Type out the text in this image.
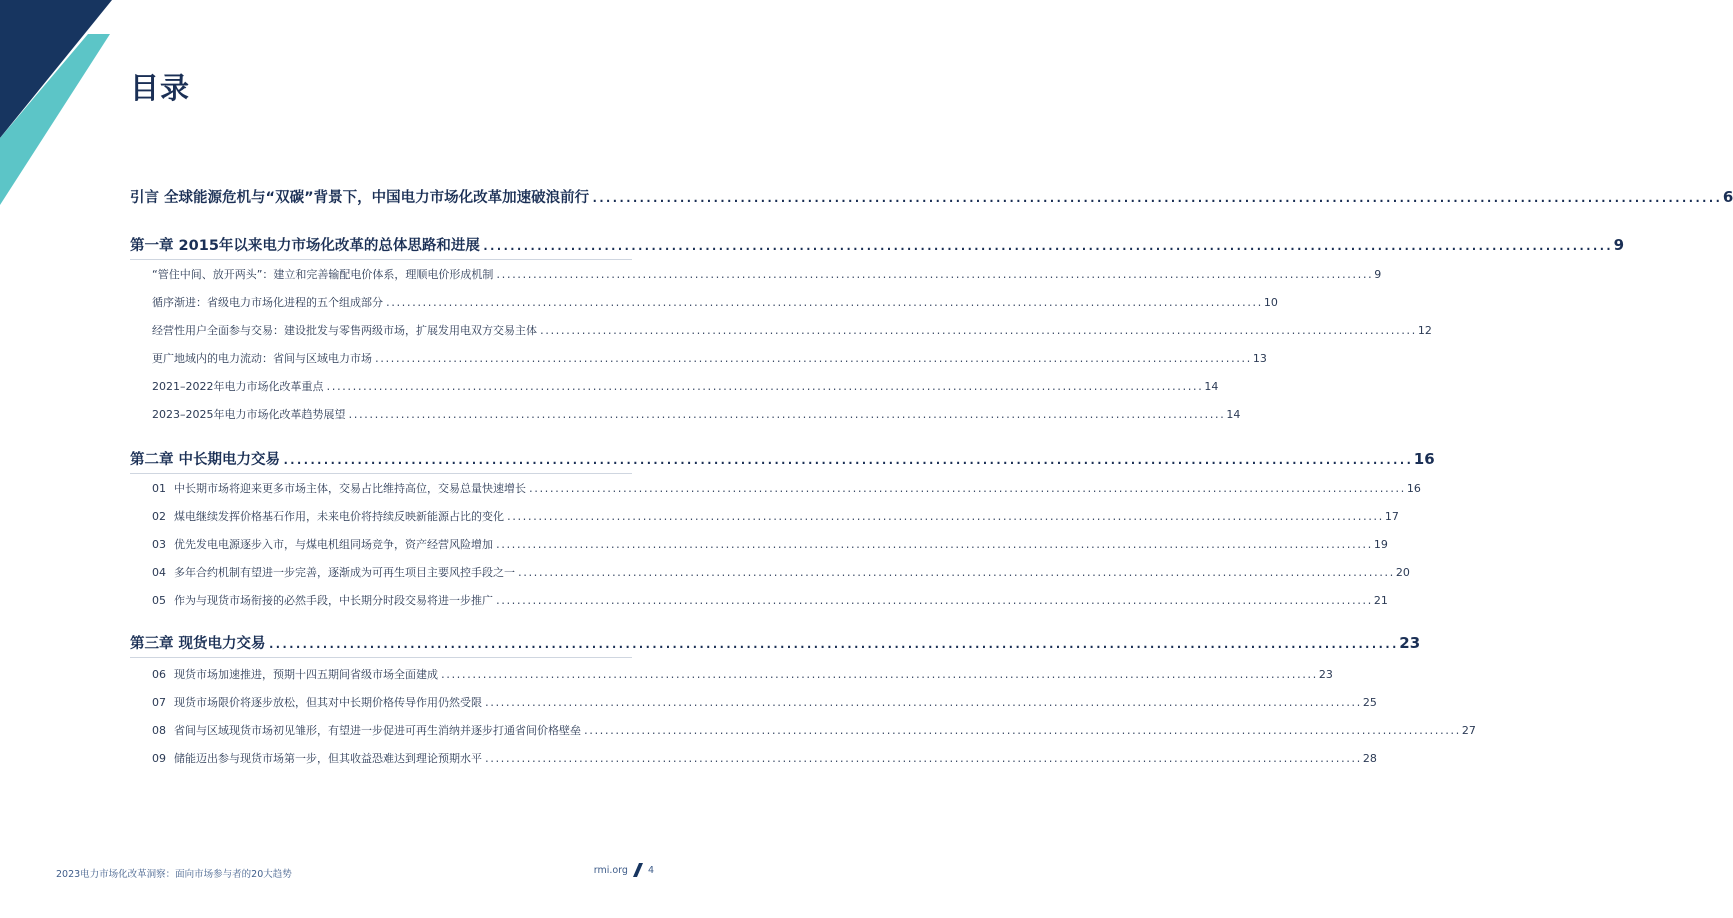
目录
引言 全球能源危机与“双碳”背景下，中国电力市场化改革加速破浪前行 .....	6
第一章 2015年以来电力市场化改革的总体思路和进展 .....	9
“管住中间、放开两头”：建立和完善输配电价体系，理顺电价形成机制 .....	9
循序渐进：省级电力市场化进程的五个组成部分 .....	10
经营性用户全面参与交易：建设批发与零售两级市场，扩展发用电双方交易主体 .....	12
更广地域内的电力流动：省间与区域电力市场 .....	13
2021–2022年电力市场化改革重点 .....	14
2023–2025年电力市场化改革趋势展望 .....	14
第二章 中长期电力交易 .....	16
01 中长期市场将迎来更多市场主体，交易占比维持高位，交易总量快速增长 .....	16
02 煤电继续发挥价格基石作用，未来电价将持续反映新能源占比的变化 .....	17
03 优先发电电源逐步入市，与煤电机组同场竞争，资产经营风险增加 .....	19
04 多年合约机制有望进一步完善，逐渐成为可再生项目主要风控手段之一 .....	20
05 作为与现货市场衔接的必然手段，中长期分时段交易将进一步推广 .....	21
第三章 现货电力交易 .....	23
06 现货市场加速推进，预期十四五期间省级市场全面建成 .....	23
07 现货市场限价将逐步放松，但其对中长期价格传导作用仍然受限 .....	25
08 省间与区域现货市场初见雏形，有望进一步促进可再生消纳并逐步打通省间价格壁垒 .....	27
09 储能迈出参与现货市场第一步，但其收益恐难达到理论预期水平 .....	28
2023电力市场化改革洞察：面向市场参与者的20大趋势	rmi.org 4
